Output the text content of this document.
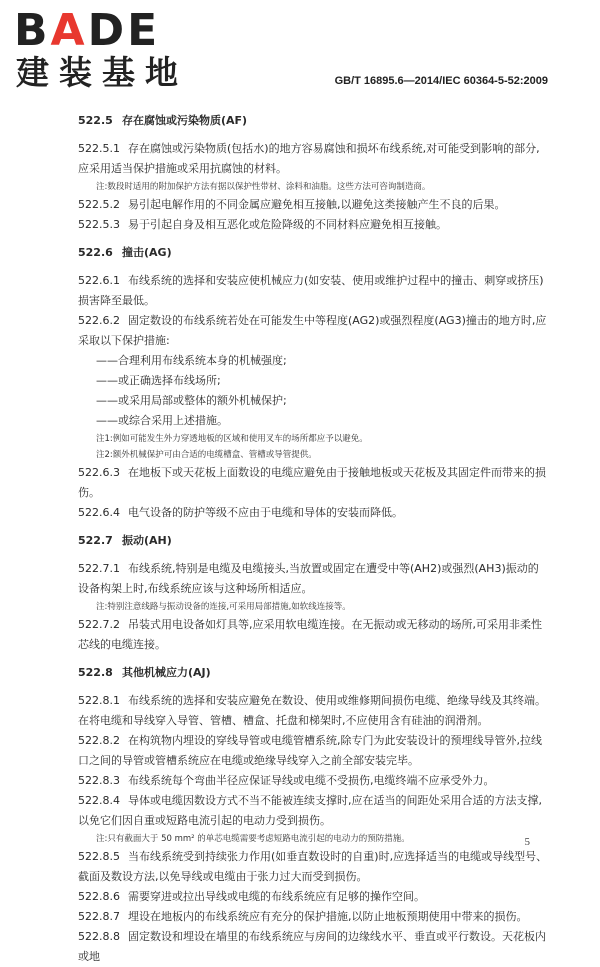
BADE
建装基地	GB/T 16895.6—2014/IEC 60364-5-52:2009
522.5 存在腐蚀或污染物质(AF)
522.5.1 存在腐蚀或污染物质(包括水)的地方容易腐蚀和损坏布线系统,对可能受到影响的部分,应采用适当保护措施或采用抗腐蚀的材料。
注:数段时适用的附加保护方法有据以保护性带材、涂料和油脂。这些方法可咨询制造商。
522.5.2 易引起电解作用的不同金属应避免相互接触,以避免这类接触产生不良的后果。
522.5.3 易于引起自身及相互恶化或危险降级的不同材料应避免相互接触。
522.6 撞击(AG)
522.6.1 布线系统的选择和安装应使机械应力(如安装、使用或维护过程中的撞击、刺穿或挤压)损害降至最低。
522.6.2 固定数设的布线系统若处在可能发生中等程度(AG2)或强烈程度(AG3)撞击的地方时,应采取以下保护措施:
——合理利用布线系统本身的机械强度;
——或正确选择布线场所;
——或采用局部或整体的额外机械保护;
——或综合采用上述措施。
注1:例如可能发生外力穿透地板的区域和使用叉车的场所都应予以避免。
注2:额外机械保护可由合适的电缆槽盒、管槽或导管提供。
522.6.3 在地板下或天花板上面数设的电缆应避免由于接触地板或天花板及其固定件而带来的损伤。
522.6.4 电气设备的防护等级不应由于电缆和导体的安装而降低。
522.7 振动(AH)
522.7.1 布线系统,特别是电缆及电缆接头,当放置或固定在遭受中等(AH2)或强烈(AH3)振动的设备构架上时,布线系统应该与这种场所相适应。
注:特别注意线路与振动设备的连接,可采用局部措施,如软线连接等。
522.7.2 吊装式用电设备如灯具等,应采用软电缆连接。在无振动或无移动的场所,可采用非柔性芯线的电缆连接。
522.8 其他机械应力(AJ)
522.8.1 布线系统的选择和安装应避免在数设、使用或维修期间损伤电缆、绝缘导线及其终端。在将电缆和导线穿入导管、管槽、槽盒、托盘和梯架时,不应使用含有硅油的润滑剂。
522.8.2 在构筑物内埋设的穿线导管或电缆管槽系统,除专门为此安装设计的预埋线导管外,拉线口之间的导管或管槽系统应在电缆或绝缘导线穿入之前全部安装完毕。
522.8.3 布线系统每个弯曲半径应保证导线或电缆不受损伤,电缆终端不应承受外力。
522.8.4 导体或电缆因数设方式不当不能被连续支撑时,应在适当的间距处采用合适的方法支撑,以免它们因自重或短路电流引起的电动力受到损伤。
注:只有截面大于 50 mm² 的单芯电缆需要考虑短路电流引起的电动力的预防措施。
522.8.5 当布线系统受到持续张力作用(如垂直数设时的自重)时,应选择适当的电缆或导线型号、截面及数设方法,以免导线或电缆由于张力过大而受到损伤。
522.8.6 需要穿进或拉出导线或电缆的布线系统应有足够的操作空间。
522.8.7 埋设在地板内的布线系统应有充分的保护措施,以防止地板预期使用中带来的损伤。
522.8.8 固定数设和埋设在墙里的布线系统应与房间的边缘线水平、垂直或平行数设。天花板内或地
5
